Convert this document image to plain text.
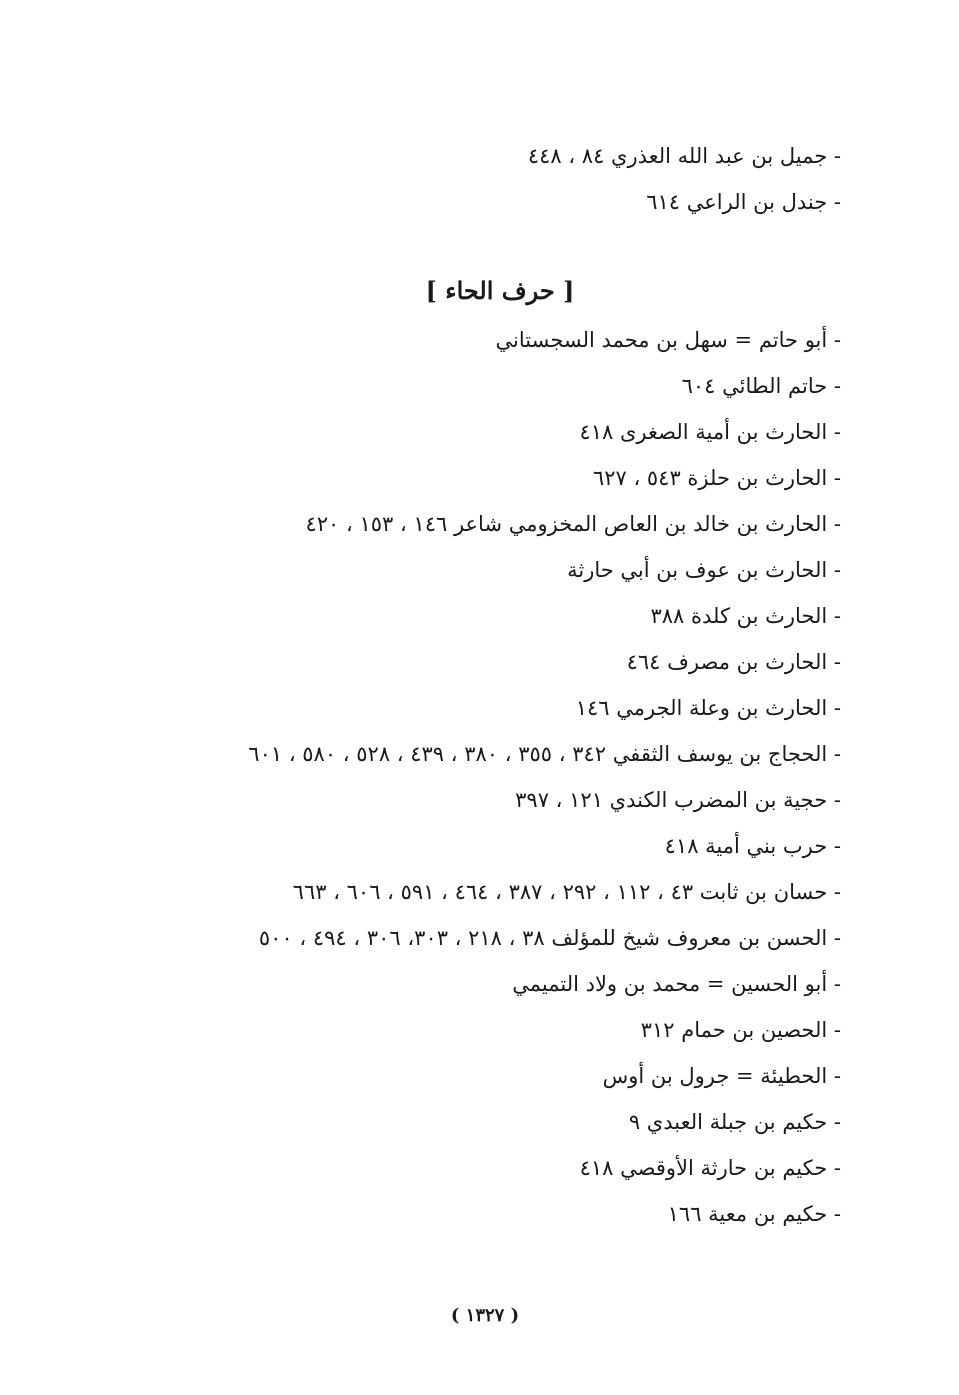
- جميل بن عبد الله العذري ٨٤ ، ٤٤٨
- جندل بن الراعي ٦١٤
[ حرف الحاء ]
- أبو حاتم = سهل بن محمد السجستاني
- حاتم الطائي ٦٠٤
- الحارث بن أمية الصغرى ٤١٨
- الحارث بن حلزة ٥٤٣ ، ٦٢٧
- الحارث بن خالد بن العاص المخزومي شاعر ١٤٦ ، ١٥٣ ، ٤٢٠
- الحارث بن عوف بن أبي حارثة
- الحارث بن كلدة ٣٨٨
- الحارث بن مصرف ٤٦٤
- الحارث بن وعلة الجرمي ١٤٦
- الحجاج بن يوسف الثقفي ٣٤٢ ، ٣٥٥ ، ٣٨٠ ، ٤٣٩ ، ٥٢٨ ، ٥٨٠ ، ٦٠١
- حجية بن المضرب الكندي ١٢١ ، ٣٩٧
- حرب بني أمية ٤١٨
- حسان بن ثابت ٤٣ ، ١١٢ ، ٢٩٢ ، ٣٨٧ ، ٤٦٤ ، ٥٩١ ، ٦٠٦ ، ٦٦٣
- الحسن بن معروف شيخ للمؤلف ٣٨ ، ٢١٨ ، ٣٠٣، ٣٠٦ ، ٤٩٤ ، ٥٠٠
- أبو الحسين = محمد بن ولاد التميمي
- الحصين بن حمام ٣١٢
- الحطيئة = جرول بن أوس
- حكيم بن جبلة العبدي ٩
- حكيم بن حارثة الأوقصي ٤١٨
- حكيم بن معية ١٦٦
( ١٣٢٧ )
